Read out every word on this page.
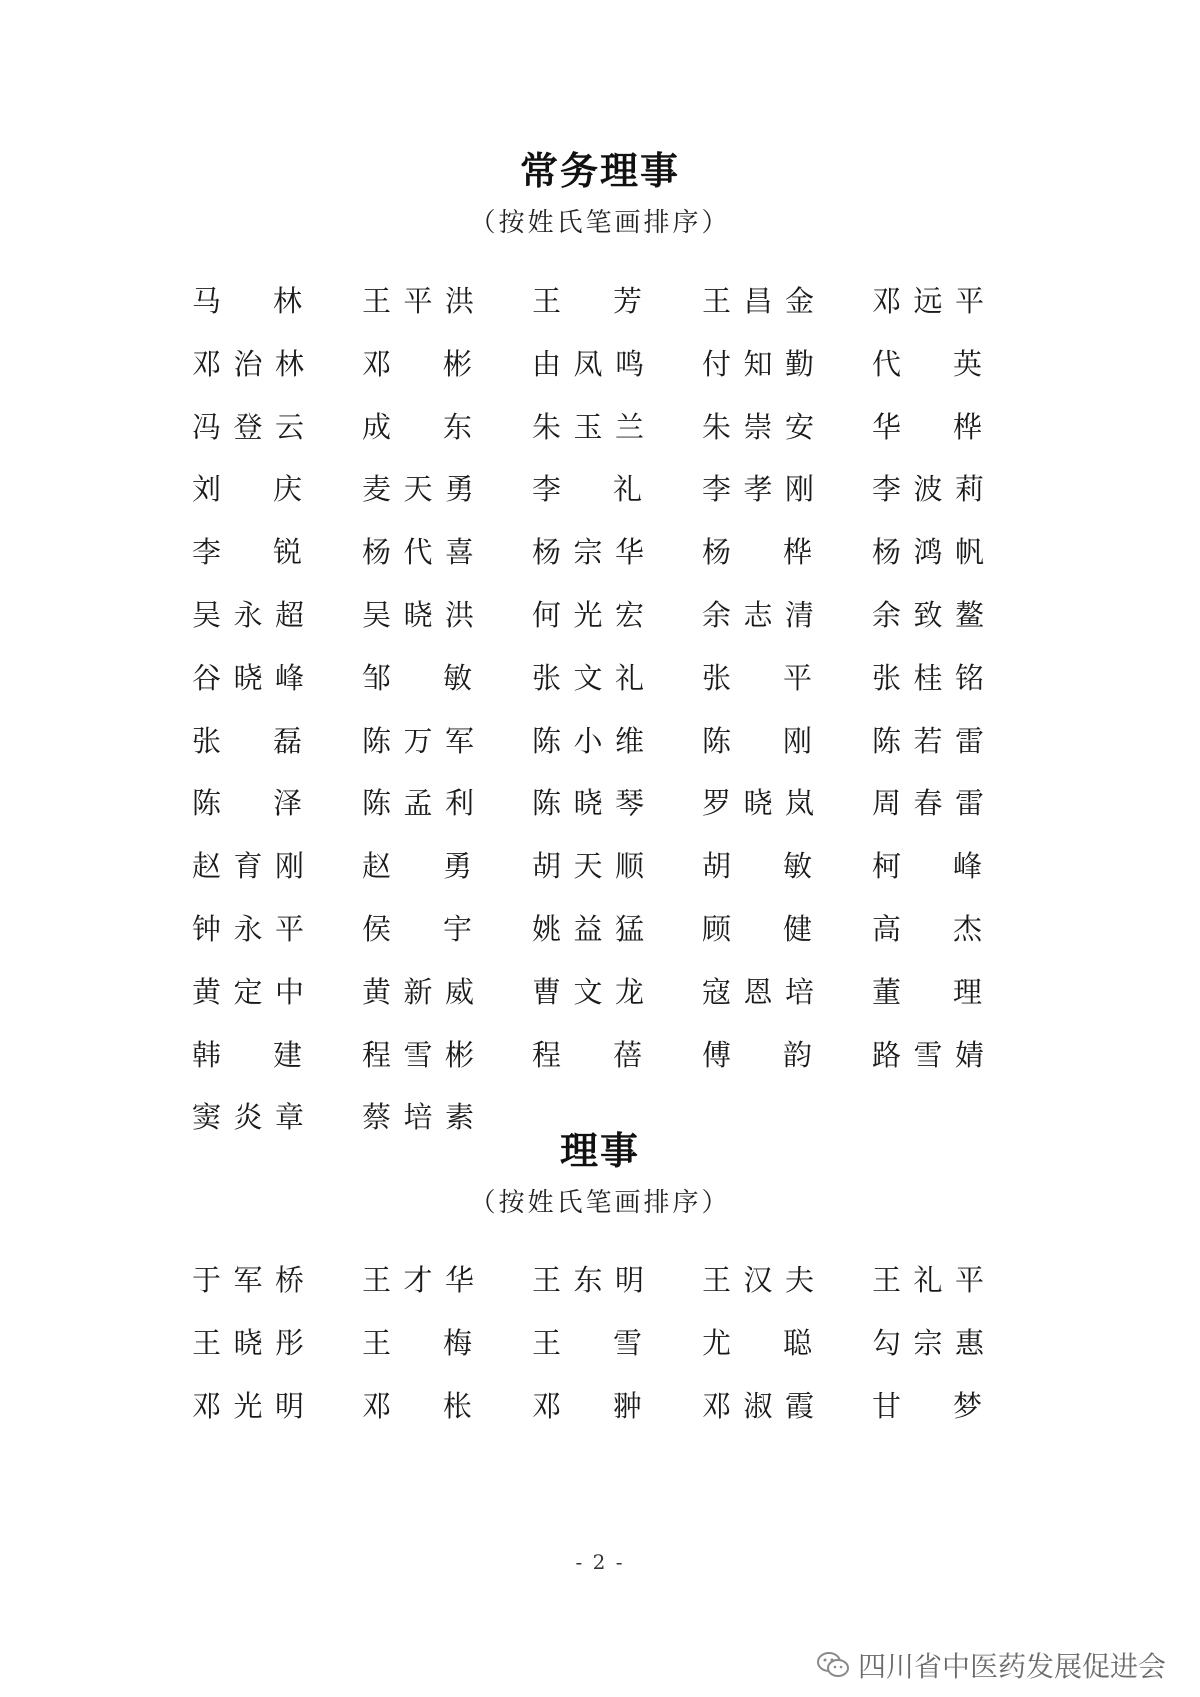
常务理事
（按姓氏笔画排序）
马 林 王 平 洪 王 芳 王 昌 金 邓 远 平
邓 治 林 邓 彬 由 凤 鸣 付 知 勤 代 英
冯 登 云 成 东 朱 玉 兰 朱 崇 安 华 桦
刘 庆 麦 天 勇 李 礼 李 孝 刚 李 波 莉
李 锐 杨 代 喜 杨 宗 华 杨 桦 杨 鸿 帆
吴 永 超 吴 晓 洪 何 光 宏 余 志 清 余 致 鳌
谷 晓 峰 邹 敏 张 文 礼 张 平 张 桂 铭
张 磊 陈 万 军 陈 小 维 陈 刚 陈 若 雷
陈 泽 陈 孟 利 陈 晓 琴 罗 晓 岚 周 春 雷
赵 育 刚 赵 勇 胡 天 顺 胡 敏 柯 峰
钟 永 平 侯 宇 姚 益 猛 顾 健 高 杰
黄 定 中 黄 新 威 曹 文 龙 寇 恩 培 董 理
韩 建 程 雪 彬 程 蓓 傅 韵 路 雪 婧
窦 炎 章 蔡 培 素
理事
（按姓氏笔画排序）
于 军 桥 王 才 华 王 东 明 王 汉 夫 王 礼 平
王 晓 彤 王 梅 王 雪 尤 聪 勾 宗 惠
邓 光 明 邓 枨 邓 翀 邓 淑 霞 甘 梦
- 2 -
四川省中医药发展促进会
